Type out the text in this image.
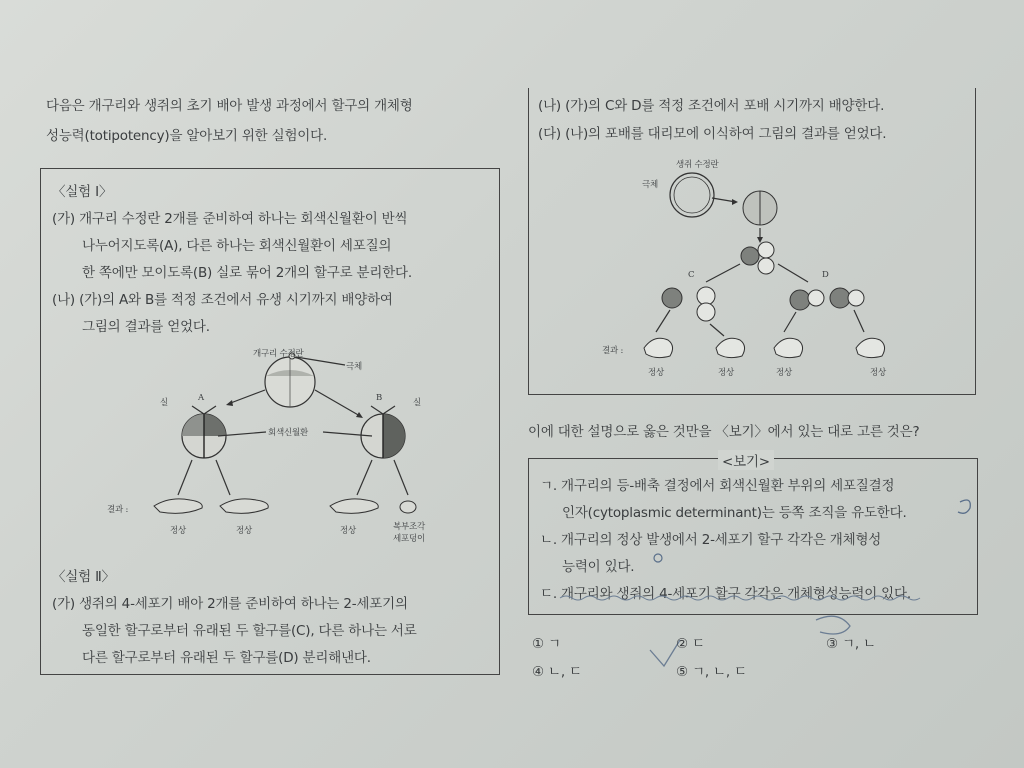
다음은 개구리와 생쥐의 초기 배아 발생 과정에서 할구의 개체형
성능력(totipotency)을 알아보기 위한 실험이다.
〈실험 Ⅰ〉
(가) 개구리 수정란 2개를 준비하여 하나는 회색신월환이 반씩
나누어지도록(A), 다른 하나는 회색신월환이 세포질의
한 쪽에만 모이도록(B) 실로 묶어 2개의 할구로 분리한다.
(나) (가)의 A와 B를 적정 조건에서 유생 시기까지 배양하여
그림의 결과를 얻었다.
개구리 수정란
극체
실	A	B	실
회색신월환
결과 :
정상	정상	정상	복부조각
세포덩이
〈실험 Ⅱ〉
(가) 생쥐의 4-세포기 배아 2개를 준비하여 하나는 2-세포기의
동일한 할구로부터 유래된 두 할구를(C), 다른 하나는 서로
다른 할구로부터 유래된 두 할구를(D) 분리해낸다.
(나) (가)의 C와 D를 적정 조건에서 포배 시기까지 배양한다.
(다) (나)의 포배를 대리모에 이식하여 그림의 결과를 얻었다.
생쥐 수정란
극체
C	D
결과 :
정상	정상	정상	정상
이에 대한 설명으로 옳은 것만을 〈보기〉에서 있는 대로 고른 것은?
<보기>
ㄱ. 개구리의 등-배축 결정에서 회색신월환 부위의 세포질결정
인자(cytoplasmic determinant)는 등쪽 조직을 유도한다.
ㄴ. 개구리의 정상 발생에서 2-세포기 할구 각각은 개체형성
능력이 있다.
ㄷ. 개구리와 생쥐의 4-세포기 할구 각각은 개체형성능력이 있다.
① ㄱ	② ㄷ	③ ㄱ, ㄴ
④ ㄴ, ㄷ	⑤ ㄱ, ㄴ, ㄷ
